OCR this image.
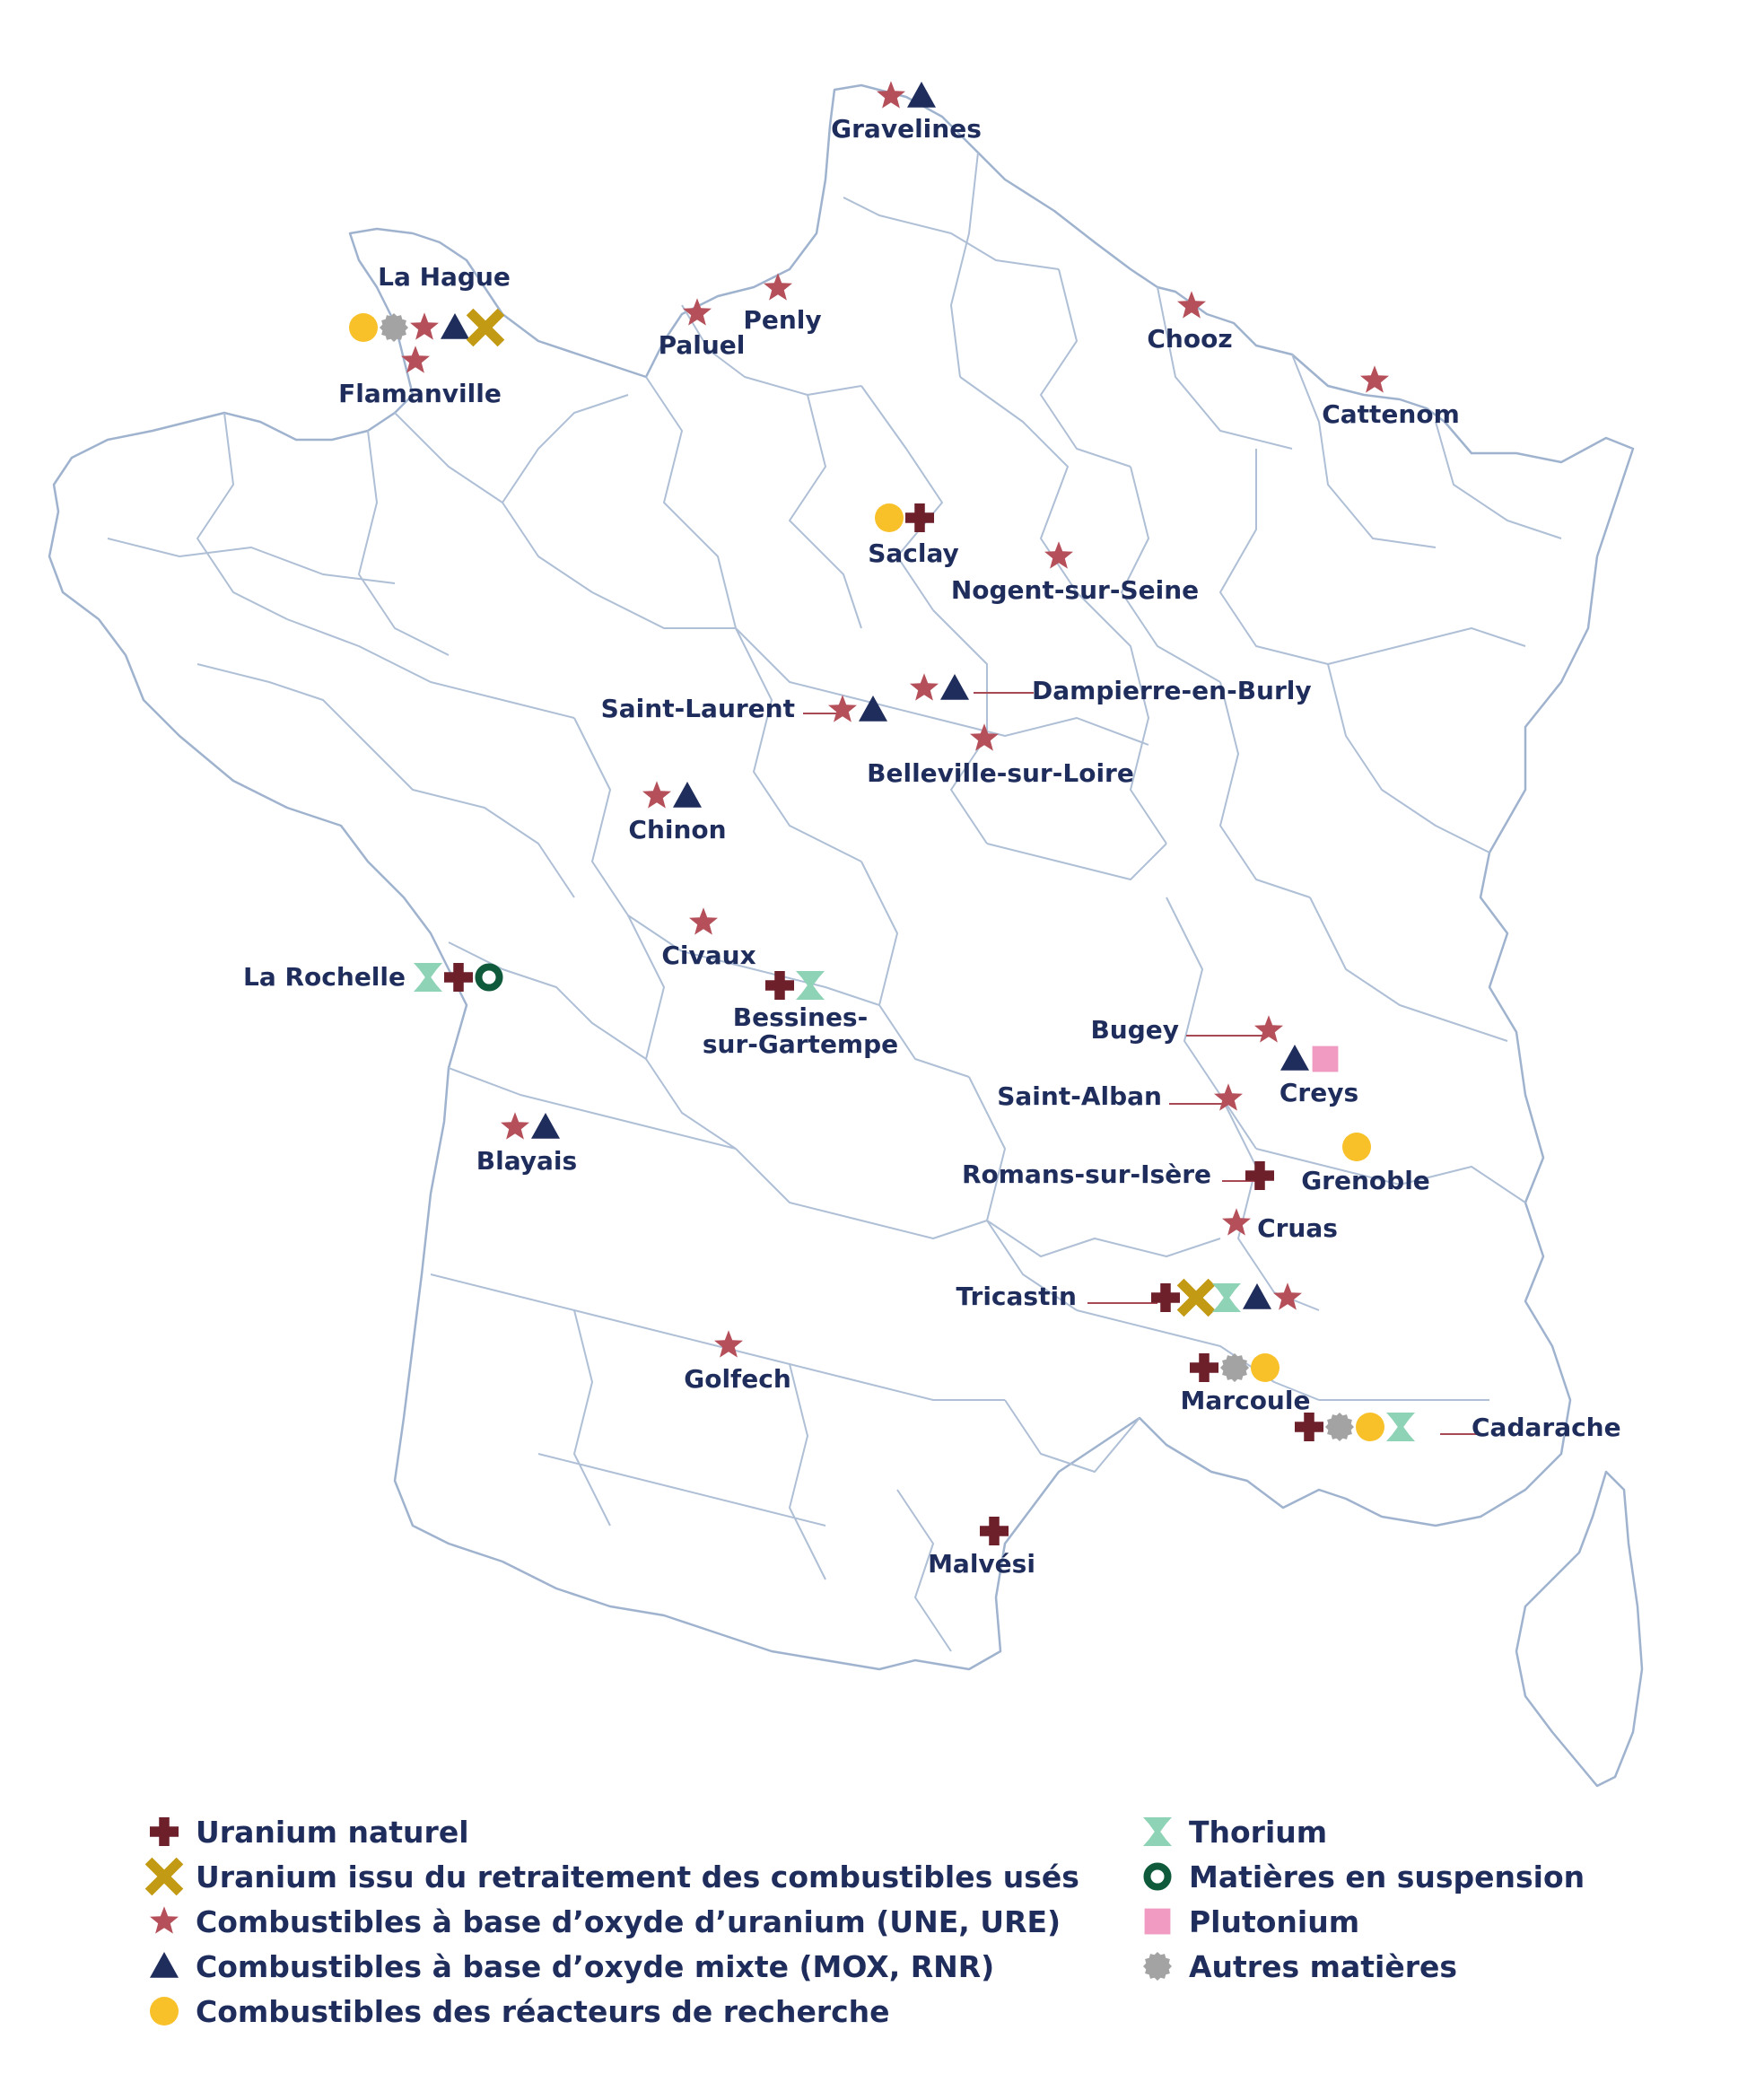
Gravelines
La Hague
Flamanville
Paluel
Penly
Chooz
Cattenom
Saclay
Nogent-sur-Seine
Dampierre-en-Burly
Saint-Laurent
Belleville-sur-Loire
Chinon
Civaux
La Rochelle
Bessines-
sur-Gartempe	Bugey
Creys
Saint-Alban
Blayais
Grenoble
Romans-sur-Isère
Cruas
Tricastin
Golfech
Marcoule
Cadarache
Malvési
Uranium naturel
Uranium issu du retraitement des combustibles usés
Combustibles à base d’oxyde d’uranium (UNE, URE)
Combustibles à base d’oxyde mixte (MOX, RNR)
Combustibles des réacteurs de recherche
Thorium
Matières en suspension
Plutonium
Autres matières
